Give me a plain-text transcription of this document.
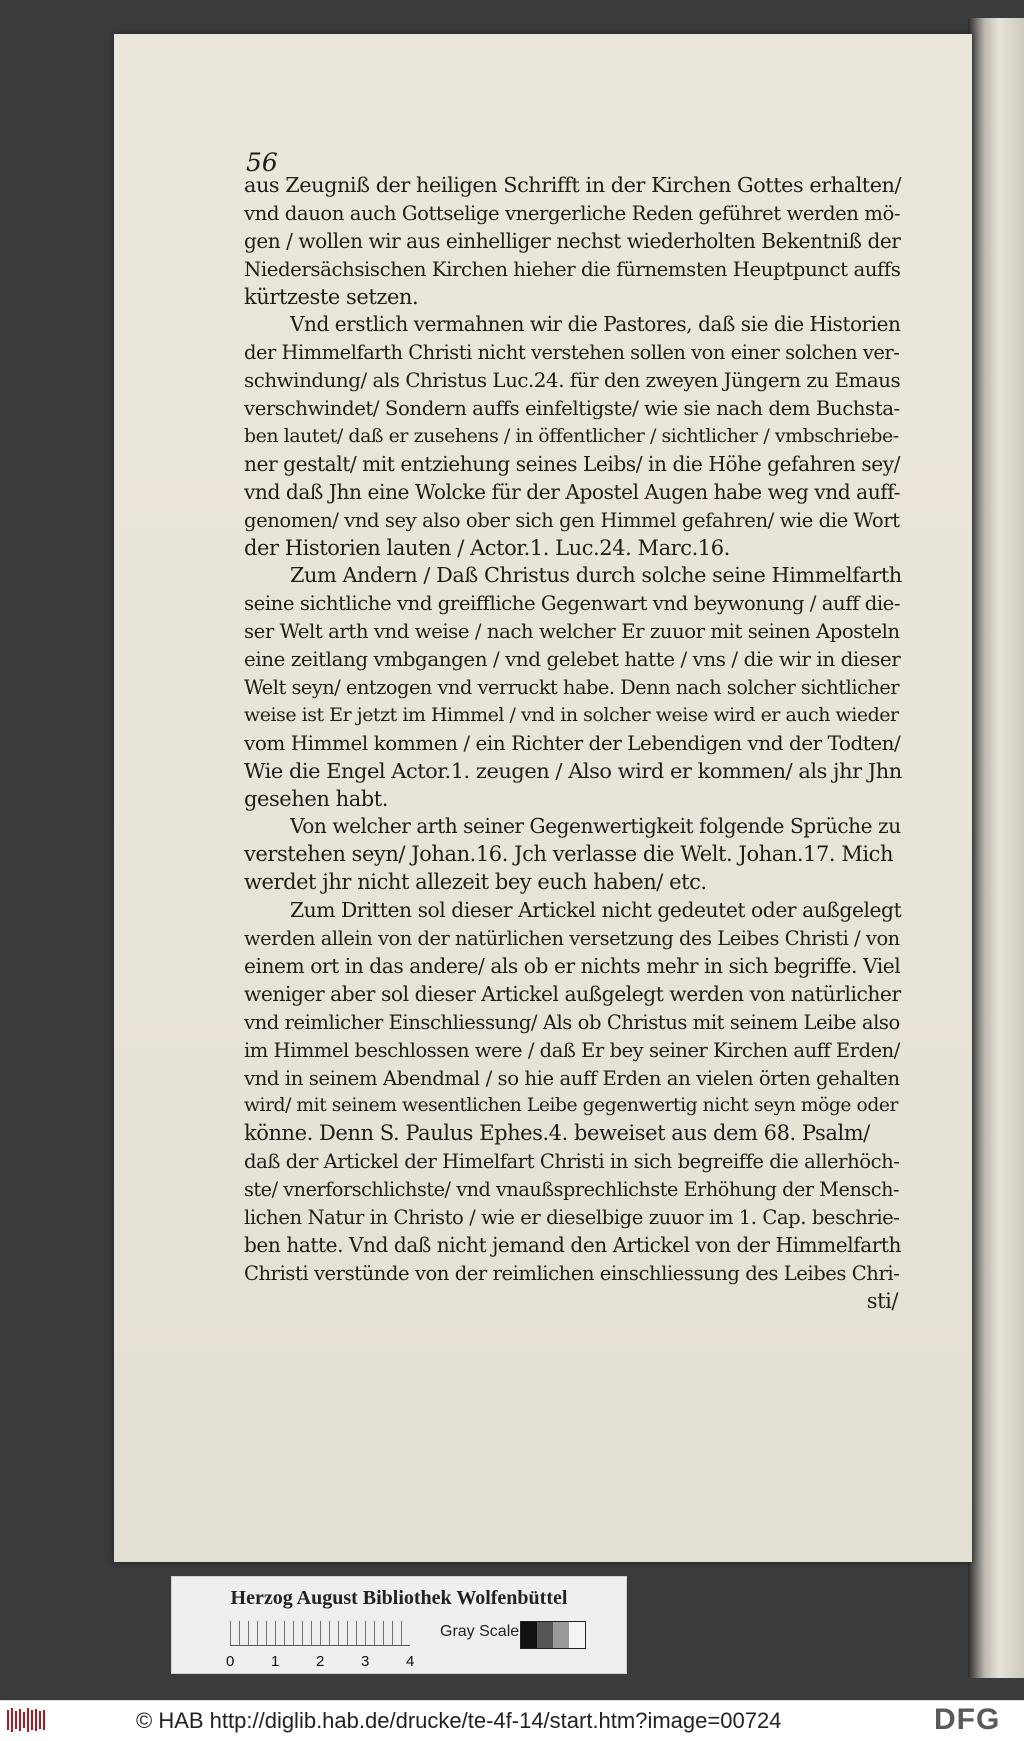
56
aus Zeugniß der heiligen Schrifft in der Kirchen Gottes erhalten/
vnd dauon auch Gottselige vnergerliche Reden geführet werden mö-
gen / wollen wir aus einhelliger nechst wiederholten Bekentniß der
Niedersächsischen Kirchen hieher die fürnemsten Heuptpunct auffs
kürtzeste setzen.
Vnd erstlich vermahnen wir die Pastores, daß sie die Historien
der Himmelfarth Christi nicht verstehen sollen von einer solchen ver-
schwindung/ als Christus Luc.24. für den zweyen Jüngern zu Emaus
verschwindet/ Sondern auffs einfeltigste/ wie sie nach dem Buchsta-
ben lautet/ daß er zusehens / in öffentlicher / sichtlicher / vmbschriebe-
ner gestalt/ mit entziehung seines Leibs/ in die Höhe gefahren sey/
vnd daß Jhn eine Wolcke für der Apostel Augen habe weg vnd auff-
genomen/ vnd sey also ober sich gen Himmel gefahren/ wie die Wort
der Historien lauten / Actor.1. Luc.24. Marc.16.
Zum Andern / Daß Christus durch solche seine Himmelfarth
seine sichtliche vnd greiffliche Gegenwart vnd beywonung / auff die-
ser Welt arth vnd weise / nach welcher Er zuuor mit seinen Aposteln
eine zeitlang vmbgangen / vnd gelebet hatte / vns / die wir in dieser
Welt seyn/ entzogen vnd verruckt habe. Denn nach solcher sichtlicher
weise ist Er jetzt im Himmel / vnd in solcher weise wird er auch wieder
vom Himmel kommen / ein Richter der Lebendigen vnd der Todten/
Wie die Engel Actor.1. zeugen / Also wird er kommen/ als jhr Jhn
gesehen habt.
Von welcher arth seiner Gegenwertigkeit folgende Sprüche zu
verstehen seyn/ Johan.16. Jch verlasse die Welt. Johan.17. Mich
werdet jhr nicht allezeit bey euch haben/ etc.
Zum Dritten sol dieser Artickel nicht gedeutet oder außgelegt
werden allein von der natürlichen versetzung des Leibes Christi / von
einem ort in das andere/ als ob er nichts mehr in sich begriffe. Viel
weniger aber sol dieser Artickel außgelegt werden von natürlicher
vnd reimlicher Einschliessung/ Als ob Christus mit seinem Leibe also
im Himmel beschlossen were / daß Er bey seiner Kirchen auff Erden/
vnd in seinem Abendmal / so hie auff Erden an vielen örten gehalten
wird/ mit seinem wesentlichen Leibe gegenwertig nicht seyn möge oder
könne. Denn S. Paulus Ephes.4. beweiset aus dem 68. Psalm/
daß der Artickel der Himelfart Christi in sich begreiffe die allerhöch-
ste/ vnerforschlichste/ vnd vnaußsprechlichste Erhöhung der Mensch-
lichen Natur in Christo / wie er dieselbige zuuor im 1. Cap. beschrie-
ben hatte. Vnd daß nicht jemand den Artickel von der Himmelfarth
Christi verstünde von der reimlichen einschliessung des Leibes Chri-
sti/
Herzog August Bibliothek Wolfenbüttel
0 1 2 3 4
Gray Scale
© HAB http://diglib.hab.de/drucke/te-4f-14/start.htm?image=00724	DFG
